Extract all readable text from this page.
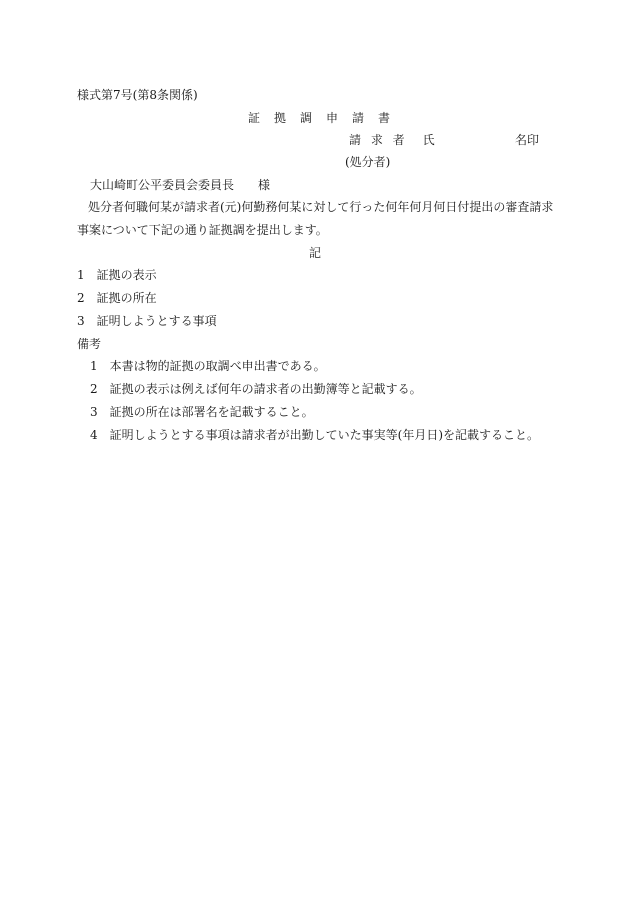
様式第7号(第8条関係)
証　拠　調　申　請　書
請 求 者　氏	名印
(処分者)
大山崎町公平委員会委員長　　様
処分者何職何某が請求者(元)何勤務何某に対して行った何年何月何日付提出の審査請求
事案について下記の通り証拠調を提出します。
記
1　証拠の表示
2　証拠の所在
3　証明しようとする事項
備考
1　本書は物的証拠の取調べ申出書である。
2　証拠の表示は例えば何年の請求者の出勤簿等と記載する。
3　証拠の所在は部署名を記載すること。
4　証明しようとする事項は請求者が出勤していた事実等(年月日)を記載すること。
